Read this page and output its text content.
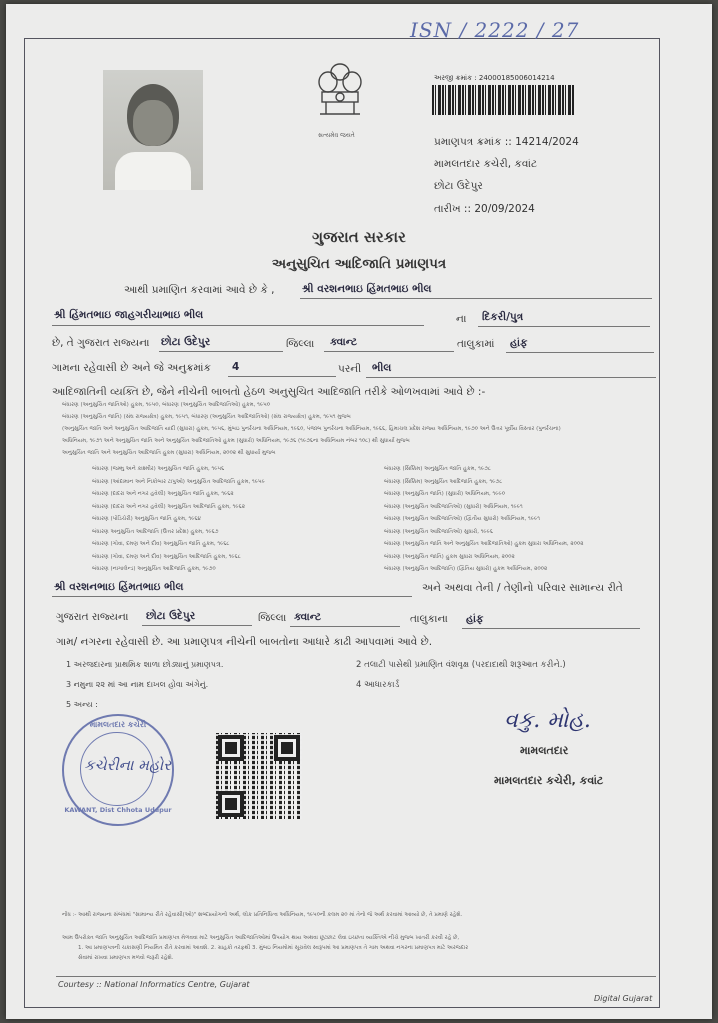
ISN / 2222 / 27
સત્યમેવ જયતે
અરજી ક્રમાંક : 24000185006014214
પ્રમાણપત્ર ક્રમાંક :: 14214/2024
મામલતદાર કચેરી, કવાંટ
છોટા ઉદેપુર
તારીખ :: 20/09/2024
ગુજરાત સરકાર
અનુસુચિત આદિજાતિ પ્રમાણપત્ર
આથી પ્રમાણિત કરવામાં આવે છે કે ,	શ્રી વરશનભાઇ હિંમતભાઇ ભીલ
શ્રી હિંમતભાઇ જાહગરીયાભાઇ ભીલ	ના દિકરી/પુત્ર
છે, તે ગુજરાત રાજ્યના છોટા ઉદેપુર	જિલ્લા ક્વાન્ટ	તાલુકામાં હાંફ
ગામના રહેવાસી છે અને જે અનુક્રમાંક 4	પરની ભીલ
આદિજાતિની વ્યક્તિ છે, જેને નીચેની બાબતો હેઠળ અનુસુચિત આદિજાતિ તરીકે ઓળખવામાં આવે છે :-
બંધારણ (અનુસુચિત જાતિઓ) હુકમ, ૧૯૫૦, બંધારણ (અનુસુચિત આદિજાતિઓ) હુકમ, ૧૯૫૦
બંધારણ (અનુસુચિત જાતિ) (સંઘ રાજ્યક્ષેત્ર) હુકમ, ૧૯૫૧, બંધારણ (અનુસુચિત આદિજાતિઓ) (સંઘ રાજ્યક્ષેત્ર) હુકમ, ૧૯૫૧ મુજબ
(અનુસુચિત જાતિ અને અનુસુચિત આદિજાતિ યાદી (સુધારા) હુકમ, ૧૯૫૬, મુંબઇ પુનર્રચના અધિનિયમ, ૧૯૬૦, પંજાબ પુનર્રચના અધિનિયમ, ૧૯૬૬, હિમાચલ પ્રદેશ રાજ્ય અધિનિયમ, ૧૯૭૦ અને ઉત્તર પૂર્વીય વિસ્તાર (પુનર્રચના)
અધિનિયમ, ૧૯૭૧ અને અનુસુચિત જાતિ અને અનુસુચિત આદિજાતિઓ હુકમ (સુધારો) અધિનિયમ, ૧૯૭૬ (૧૯૭૬ના અધિનિયમ નંબર ૧૦૮) થી સુધાર્યા મુજબ
અનુસુચિત જાતિ અને અનુસુચિત આદિજાતિ હુકમ (સુધારા) અધિનિયમ, ૨૦૦૨ થી સુધાર્યા મુજબ
બંધારણ (જમ્મુ અને કાશ્મીર) અનુસુચિત જાતિ હુકમ, ૧૯૫૬
બંધારણ (આંદામાન અને નિકોબાર ટાપુઓ) અનુસુચિત આદિજાતિ હુકમ, ૧૯૫૯
બંધારણ (દાદરા અને નગર હવેલી) અનુસુચિત જાતિ હુકમ, ૧૯૬૨
બંધારણ (દાદરા અને નગર હવેલી) અનુસુચિત આદિજાતિ હુકમ, ૧૯૬૨
બંધારણ (પોંડિચેરી) અનુસુચિત જાતિ હુકમ, ૧૯૬૪
બંધારણ અનુસુચિત આદિજાતિ (ઉત્તર પ્રદેશ) હુકમ, ૧૯૬૭
બંધારણ (ગોવા, દમણ અને દીવ) અનુસુચિત જાતિ હુકમ, ૧૯૬૮
બંધારણ (ગોવા, દમણ અને દીવ) અનુસુચિત આદિજાતિ હુકમ, ૧૯૬૮
બંધારણ (નાગાલેન્ડ) અનુસુચિત આદિજાતિ હુકમ, ૧૯૭૦
બંધારણ (સિક્કિમ) અનુસુચિત જાતિ હુકમ, ૧૯૭૮
બંધારણ (સિક્કિમ) અનુસુચિત આદિજાતિ હુકમ, ૧૯૭૮
બંધારણ (અનુસુચિત જાતિ) (સુધારો) અધિનિયમ, ૧૯૯૦
બંધારણ (અનુસુચિત આદિજાતિઓ) (સુધારો) અધિનિયમ, ૧૯૯૧
બંધારણ (અનુસુચિત આદિજાતિઓ) (દ્વિતીય સુધારો) અધિનિયમ, ૧૯૯૧
બંધારણ (અનુસુચિત આદિજાતિઓ) સુધારો, ૧૯૯૬
બંધારણ (અનુસુચિત જાતિ અને અનુસુચિત આદિજાતિઓ) હુકમ સુધારા અધિનિયમ, ૨૦૦૨
બંધારણ (અનુસુચિત જાતિ) હુકમ સુધારા અધિનિયમ, ૨૦૦૨
બંધારણ (અનુસુચિત આદિજાતિ) (દ્વિતિય સુધારો) હુકમ અધિનિયમ, ૨૦૦૨
શ્રી વરશનભાઇ હિંમતભાઇ ભીલ	અને અથવા તેની / તેણીનો પરિવાર સામાન્ય રીતે
ગુજરાત રાજ્યના છોટા ઉદેપુર	જિલ્લા ક્વાન્ટ	તાલુકાના હાંફ
ગામ/ નગરના રહેવાસી છે. આ પ્રમાણપત્ર નીચેની બાબતોના આધારે કાઢી આપવામાં આવે છે.
1 અરજદારના પ્રાથમિક શાળા છોડ્યાનું પ્રમાણપત્ર.	2 તલાટી પાસેથી પ્રમાણિત વંશવૃક્ષ (પરદાદાથી શરૂઆત કરીને.)
3 નમુના ૨૨ માં આ નામ દાખલ હોવા અંગેનું.	4 આધારકાર્ડ
5 અન્ય :
મામલતદાર કચેરી
KAWANT, Dist Chhota Udepur
કચેરીના મહોર
વકુ. મોહ.
મામલતદાર
મામલતદાર કચેરી, કવાંટ
નોંધ :- આથી રાજ્યના સંબંધમાં "સામાન્ય રીતે રહેવાસી(ઓ)" શબ્દપ્રયોગનો અર્થ, લોક પ્રતિનિધિત્વ અધિનિયમ, ૧૯૫૦ની કલમ ૨૦ માં તેનો જે અર્થ કરવામાં આવ્યો છે, તે પ્રમાણે રહેશે.
આમ ઉપરોક્ત જાતિ અનુસુચિત આદિજાતિ પ્રમાણપત્ર મેળવવા માટે અનુસુચિત આદિજાતિઓમાં ઉપયોગ થાય અથવા છૂટછાટ લેવા ઇચ્છતા વ્યક્તિએ નીચે મુજબ ખાતરી કરવી રહે છે,
1. આ પ્રમાણપત્રની ચકાસણી નિયમિત રીતે કરવામાં આવશે. 2. ગ્રાહકો તરફથી 3. મુંબઇ નિયમોમાં સૂચવેલ સ્વરૂપમાં આ પ્રમાણપત્ર તે ગામ અથવા નગરના પ્રમાણપત્ર માટે અરજદાર
સેવામાં રાખવા પ્રમાણપત્ર મળવો જરૂરી રહેશે.
Courtesy :: National Informatics Centre, Gujarat
Digital Gujarat
